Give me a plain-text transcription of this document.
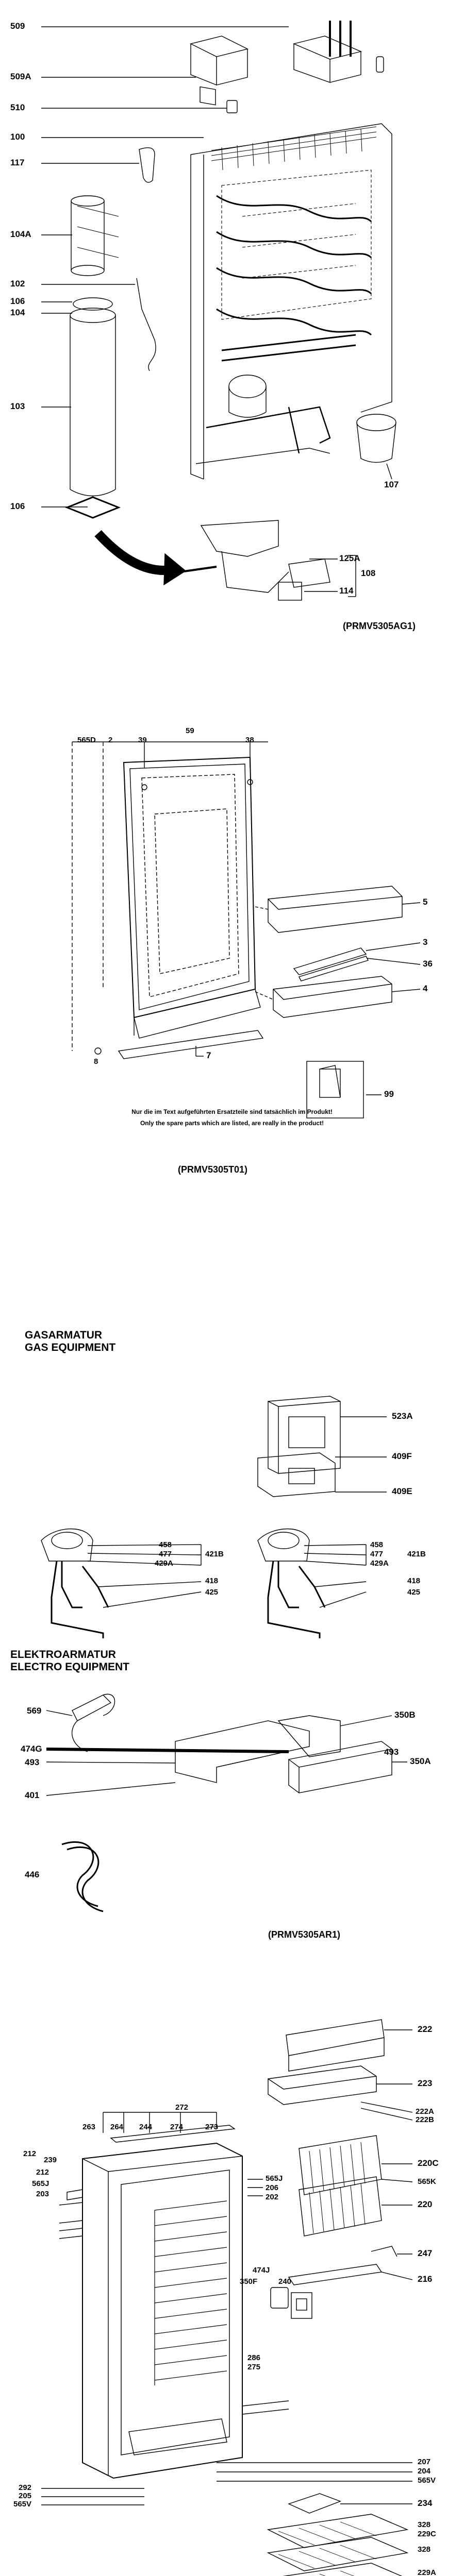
509
509A
510
100
117
104A
102
106
104
103
106
107
125A
114
108
(PRMV5305AG1)
565D 2	39
59
38
5
3
36
4
7
99
8
Nur die im Text aufgeführten Ersatzteile sind tatsächlich im Produkt!
Only the spare parts which are listed, are really in the product!
(PRMV5305T01)
GASARMATUR
GAS EQUIPMENT
523A
409F
409E
458
477
429A
421B
418
425
458
477
429A
421B
418
425
ELEKTROARMATUR
ELECTRO EQUIPMENT
569
474G
493
350B
493
350A
401
446
(PRMV5305AR1)
272
263 264 244 274	273
212
239
212
565J
203
565J
206
202
474J
350F	240
286
275
222
223
222A
222B
220C
565K
220
247
216
207
204
565V
292
205
565V	234
328
229C
328
229A
